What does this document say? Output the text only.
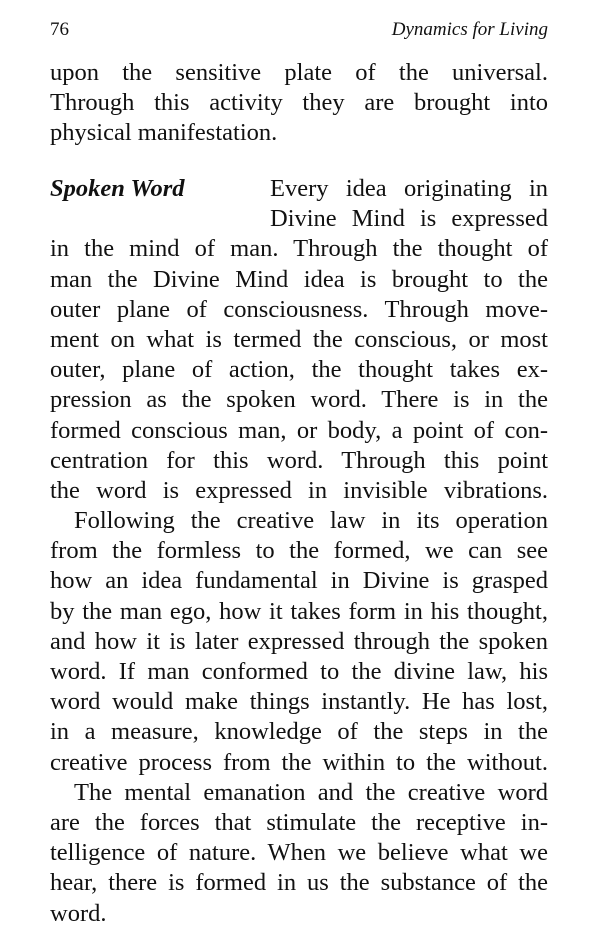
76	Dynamics for Living
upon the sensitive plate of the universal.
Through this activity they are brought into
physical manifestation.
Spoken Word	Every idea originating in
Divine Mind is expressed
in the mind of man. Through the thought of
man the Divine Mind idea is brought to the
outer plane of consciousness. Through move-
ment on what is termed the conscious, or most
outer, plane of action, the thought takes ex-
pression as the spoken word. There is in the
formed conscious man, or body, a point of con-
centration for this word. Through this point
the word is expressed in invisible vibrations.
Following the creative law in its operation
from the formless to the formed, we can see
how an idea fundamental in Divine is grasped
by the man ego, how it takes form in his thought,
and how it is later expressed through the spoken
word. If man conformed to the divine law, his
word would make things instantly. He has lost,
in a measure, knowledge of the steps in the
creative process from the within to the without.
The mental emanation and the creative word
are the forces that stimulate the receptive in-
telligence of nature. When we believe what we
hear, there is formed in us the substance of the
word.
